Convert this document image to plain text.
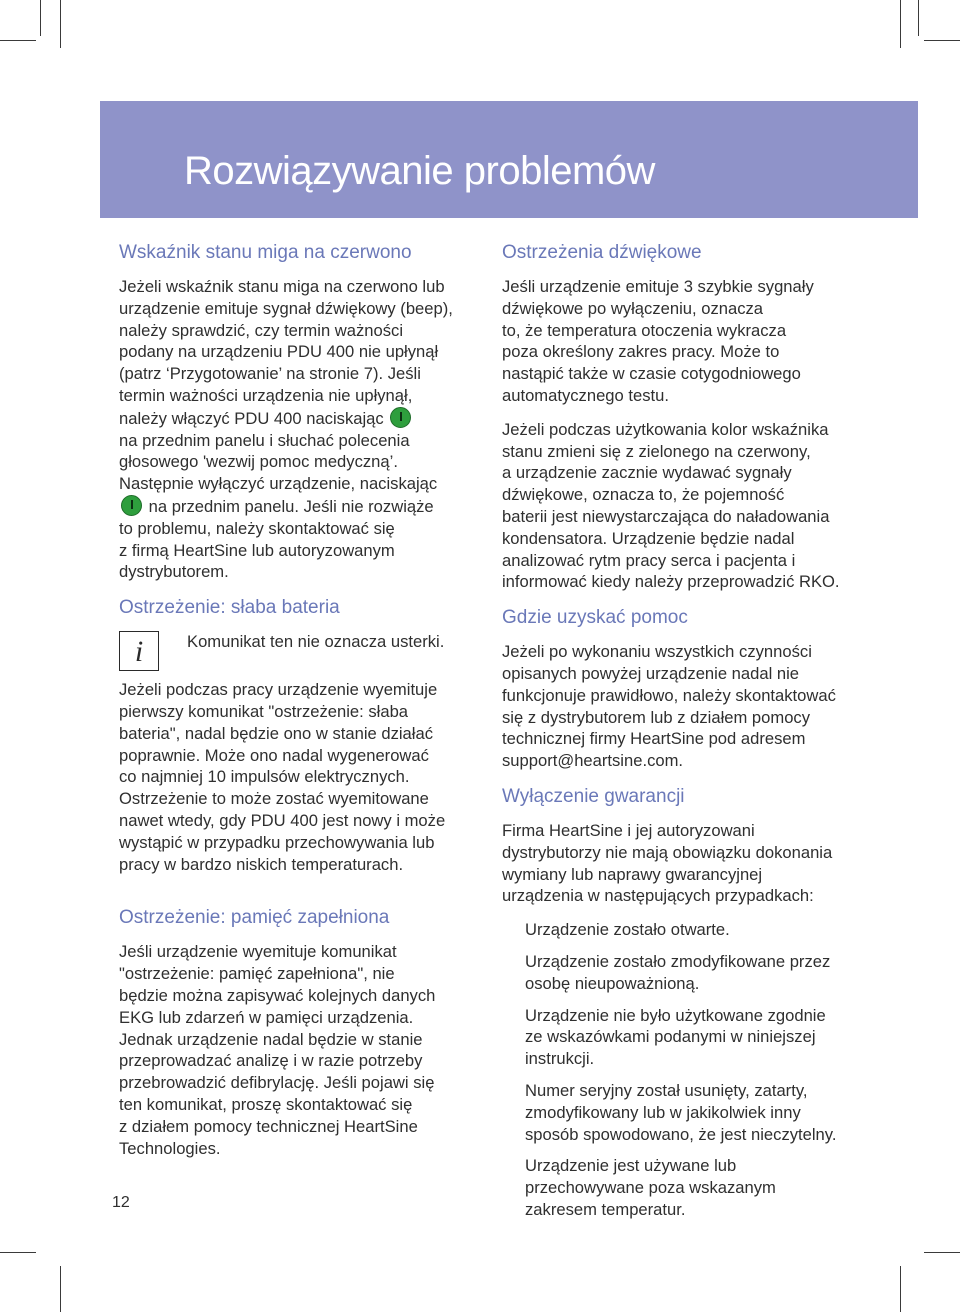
Rozwiązywanie problemów
Wskaźnik stanu miga na czerwono

Jeżeli wskaźnik stanu miga na czerwono lub
urządzenie emituje sygnał dźwiękowy (beep),
należy sprawdzić, czy termin ważności
podany na urządzeniu PDU 400 nie upłynął
(patrz ‘Przygotowanie’ na stronie 7). Jeśli
termin ważności urządzenia nie upłynął,
należy włączyć PDU 400 naciskając
na przednim panelu i słuchać polecenia
głosowego 'wezwij pomoc medyczną’.
Następnie wyłączyć urządzenie, naciskając
na przednim panelu. Jeśli nie rozwiąże
to problemu, należy skontaktować się
z firmą HeartSine lub autoryzowanym
dystrybutorem.

Ostrzeżenie: słaba bateria
i	Komunikat ten nie oznacza usterki.

Jeżeli podczas pracy urządzenie wyemituje
pierwszy komunikat "ostrzeżenie: słaba
bateria", nadal będzie ono w stanie działać
poprawnie. Może ono nadal wygenerować
co najmniej 10 impulsów elektrycznych.
Ostrzeżenie to może zostać wyemitowane
nawet wtedy, gdy PDU 400 jest nowy i może
wystąpić w przypadku przechowywania lub
pracy w bardzo niskich temperaturach.

Ostrzeżenie: pamięć zapełniona

Jeśli urządzenie wyemituje komunikat
"ostrzeżenie: pamięć zapełniona", nie
będzie można zapisywać kolejnych danych
EKG lub zdarzeń w pamięci urządzenia.
Jednak urządzenie nadal będzie w stanie
przeprowadzać analizę i w razie potrzeby
przebrowadzić defibrylację. Jeśli pojawi się
ten komunikat, proszę skontaktować się
z działem pomocy technicznej HeartSine
Technologies.

Ostrzeżenia dźwiękowe

Jeśli urządzenie emituje 3 szybkie sygnały
dźwiękowe po wyłączeniu, oznacza
to, że temperatura otoczenia wykracza
poza określony zakres pracy. Może to
nastąpić także w czasie cotygodniowego
automatycznego testu.

Jeżeli podczas użytkowania kolor wskaźnika
stanu zmieni się z zielonego na czerwony,
a urządzenie zacznie wydawać sygnały
dźwiękowe, oznacza to, że pojemność
baterii jest niewystarczająca do naładowania
kondensatora. Urządzenie będzie nadal
analizować rytm pracy serca i pacjenta i
informować kiedy należy przeprowadzić RKO.

Gdzie uzyskać pomoc

Jeżeli po wykonaniu wszystkich czynności
opisanych powyżej urządzenie nadal nie
funkcjonuje prawidłowo, należy skontaktować
się z dystrybutorem lub z działem pomocy
technicznej firmy HeartSine pod adresem
support@heartsine.com.

Wyłączenie gwarancji

Firma HeartSine i jej autoryzowani
dystrybutorzy nie mają obowiązku dokonania
wymiany lub naprawy gwarancyjnej
urządzenia w następujących przypadkach:

Urządzenie zostało otwarte.

Urządzenie zostało zmodyfikowane przez
osobę nieupoważnioną.

Urządzenie nie było użytkowane zgodnie
ze wskazówkami podanymi w niniejszej
instrukcji.

Numer seryjny został usunięty, zatarty,
zmodyfikowany lub w jakikolwiek inny
sposób spowodowano, że jest nieczytelny.

Urządzenie jest używane lub
przechowywane poza wskazanym
zakresem temperatur.

12
